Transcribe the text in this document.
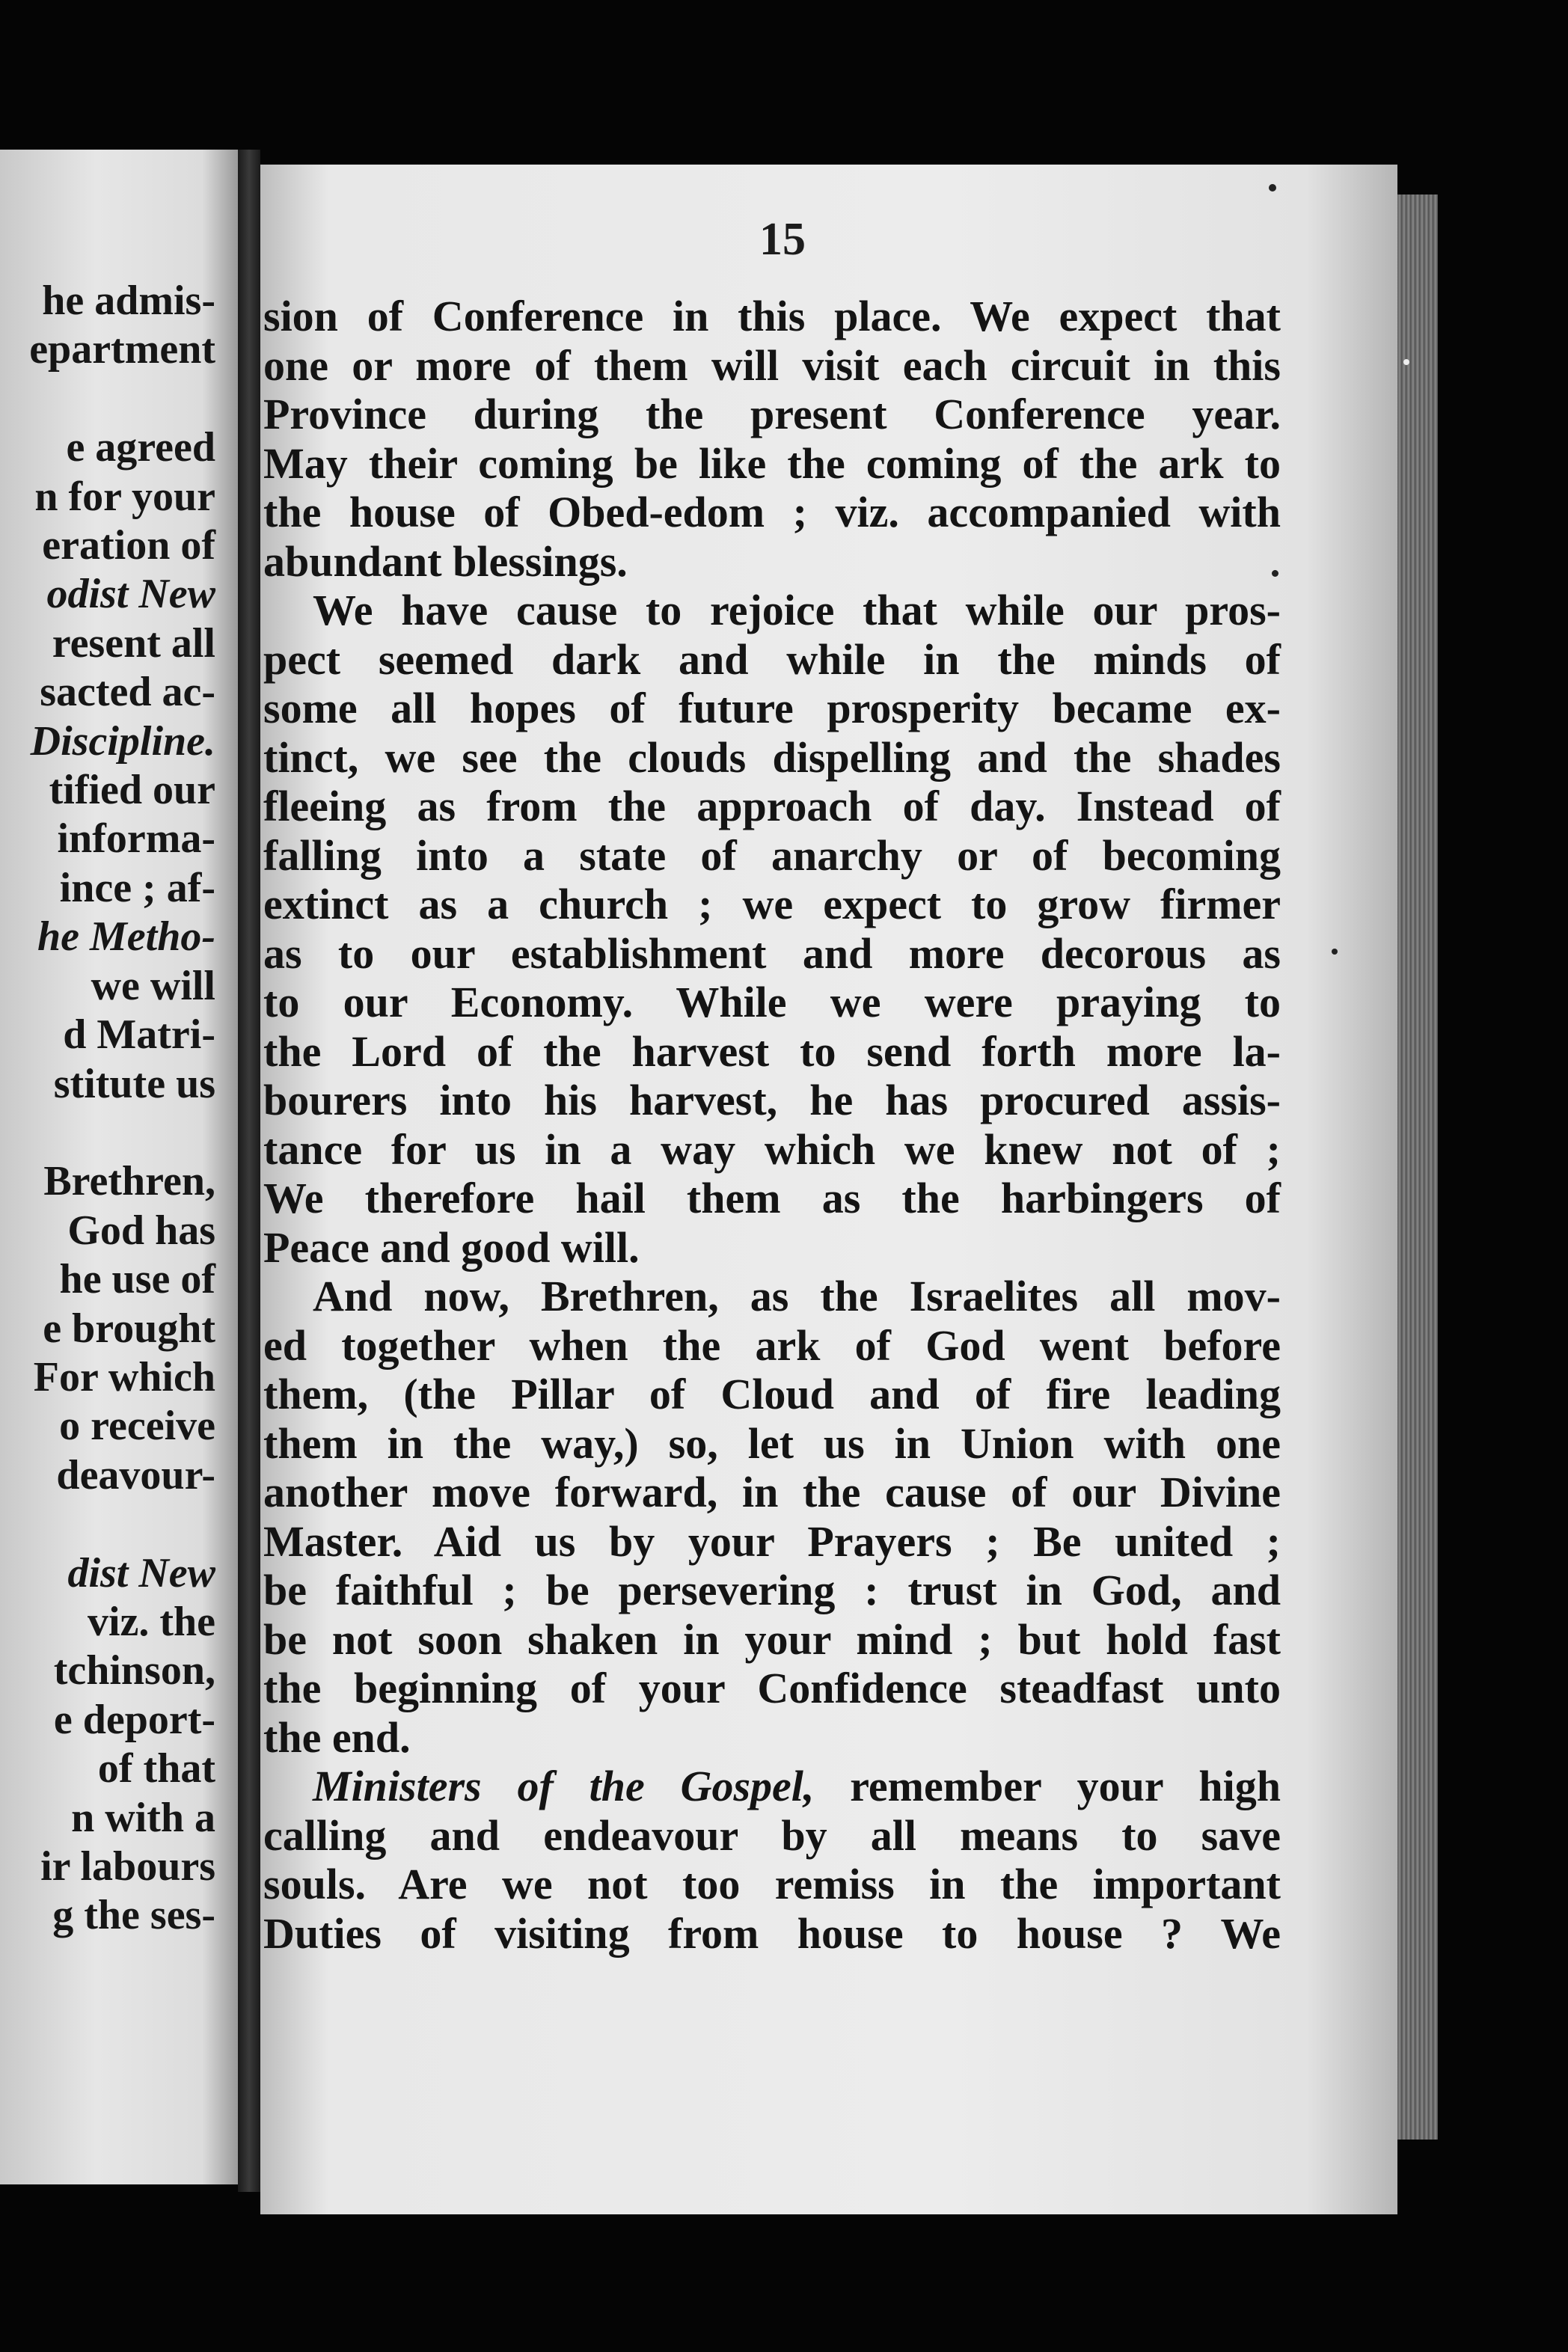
he admis-
epartment

e agreed
n for your
eration of
odist New
resent all
sacted ac-
Discipline.
tified our
informa-
ince ; af-
he Metho-
we will
d Matri-
stitute us

Brethren,
God has
he use of
e brought
For which
o receive
deavour-

dist New
viz. the
tchinson,
e deport-
of that
n with a
ir labours
g the ses-
15
sion of Conference in this place. We expect that
one or more of them will visit each circuit in this
Province during the present Conference year.
May their coming be like the coming of the ark to
the house of Obed-edom ; viz. accompanied with
abundant blessings.
We have cause to rejoice that while our pros-
pect seemed dark and while in the minds of
some all hopes of future prosperity became ex-
tinct, we see the clouds dispelling and the shades
fleeing as from the approach of day. Instead of
falling into a state of anarchy or of becoming
extinct as a church ; we expect to grow firmer
as to our establishment and more decorous as
to our Economy. While we were praying to
the Lord of the harvest to send forth more la-
bourers into his harvest, he has procured assis-
tance for us in a way which we knew not of ;
We therefore hail them as the harbingers of
Peace and good will.
And now, Brethren, as the Israelites all mov-
ed together when the ark of God went before
them, (the Pillar of Cloud and of fire leading
them in the way,) so, let us in Union with one
another move forward, in the cause of our Divine
Master. Aid us by your Prayers ; Be united ;
be faithful ; be persevering : trust in God, and
be not soon shaken in your mind ; but hold fast
the beginning of your Confidence steadfast unto
the end.
Ministers of the Gospel, remember your high
calling and endeavour by all means to save
souls. Are we not too remiss in the important
Duties of visiting from house to house ? We
